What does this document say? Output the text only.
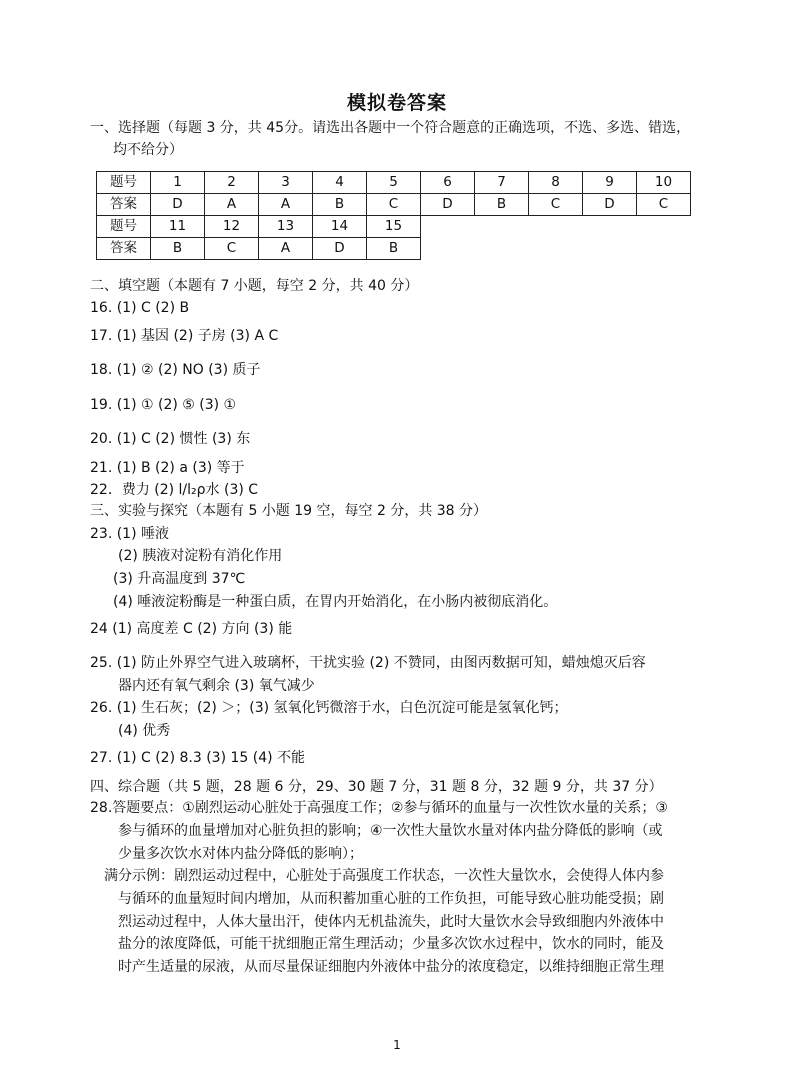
模拟卷答案
一、选择题（每题 3 分，共 45分。请选出各题中一个符合题意的正确选项，不选、多选、错选，
均不给分）
题号	1	2	3	4	5	6	7	8	9	10
答案	D	A	A	B	C	D	B	C	D	C
题号	11	12	13	14	15					
答案	B	C	A	D	B					
二、填空题（本题有 7 小题，每空 2 分，共 40 分）
16. (1) C (2) B
17. (1) 基因 (2) 子房 (3) A C
18. (1) ② (2) NO (3) 质子
19. (1) ① (2) ⑤ (3) ①
20. (1) C (2) 惯性 (3) 东
21. (1) B (2) a (3) 等于
22．费力 (2) l/l₂ρ水 (3) C
三、实验与探究（本题有 5 小题 19 空，每空 2 分，共 38 分）
23. (1) 唾液
(2) 胰液对淀粉有消化作用
(3) 升高温度到 37℃
(4) 唾液淀粉酶是一种蛋白质，在胃内开始消化，在小肠内被彻底消化。
24 (1) 高度差 C (2) 方向 (3) 能
25. (1) 防止外界空气进入玻璃杯，干扰实验 (2) 不赞同，由图丙数据可知，蜡烛熄灭后容
器内还有氧气剩余 (3) 氧气减少
26. (1) 生石灰；(2) ＞；(3) 氢氧化钙微溶于水，白色沉淀可能是氢氧化钙；
(4) 优秀
27. (1) C (2) 8.3 (3) 15 (4) 不能
四、综合题（共 5 题，28 题 6 分，29、30 题 7 分，31 题 8 分，32 题 9 分，共 37 分）
28.答题要点：①剧烈运动心脏处于高强度工作；②参与循环的血量与一次性饮水量的关系；③
参与循环的血量增加对心脏负担的影响；④一次性大量饮水量对体内盐分降低的影响（或
少量多次饮水对体内盐分降低的影响）；
满分示例：剧烈运动过程中，心脏处于高强度工作状态，一次性大量饮水，会使得人体内参
与循环的血量短时间内增加，从而积蓄加重心脏的工作负担，可能导致心脏功能受损；剧
烈运动过程中，人体大量出汗，使体内无机盐流失，此时大量饮水会导致细胞内外液体中
盐分的浓度降低，可能干扰细胞正常生理活动；少量多次饮水过程中，饮水的同时，能及
时产生适量的尿液，从而尽量保证细胞内外液体中盐分的浓度稳定，以维持细胞正常生理
1
